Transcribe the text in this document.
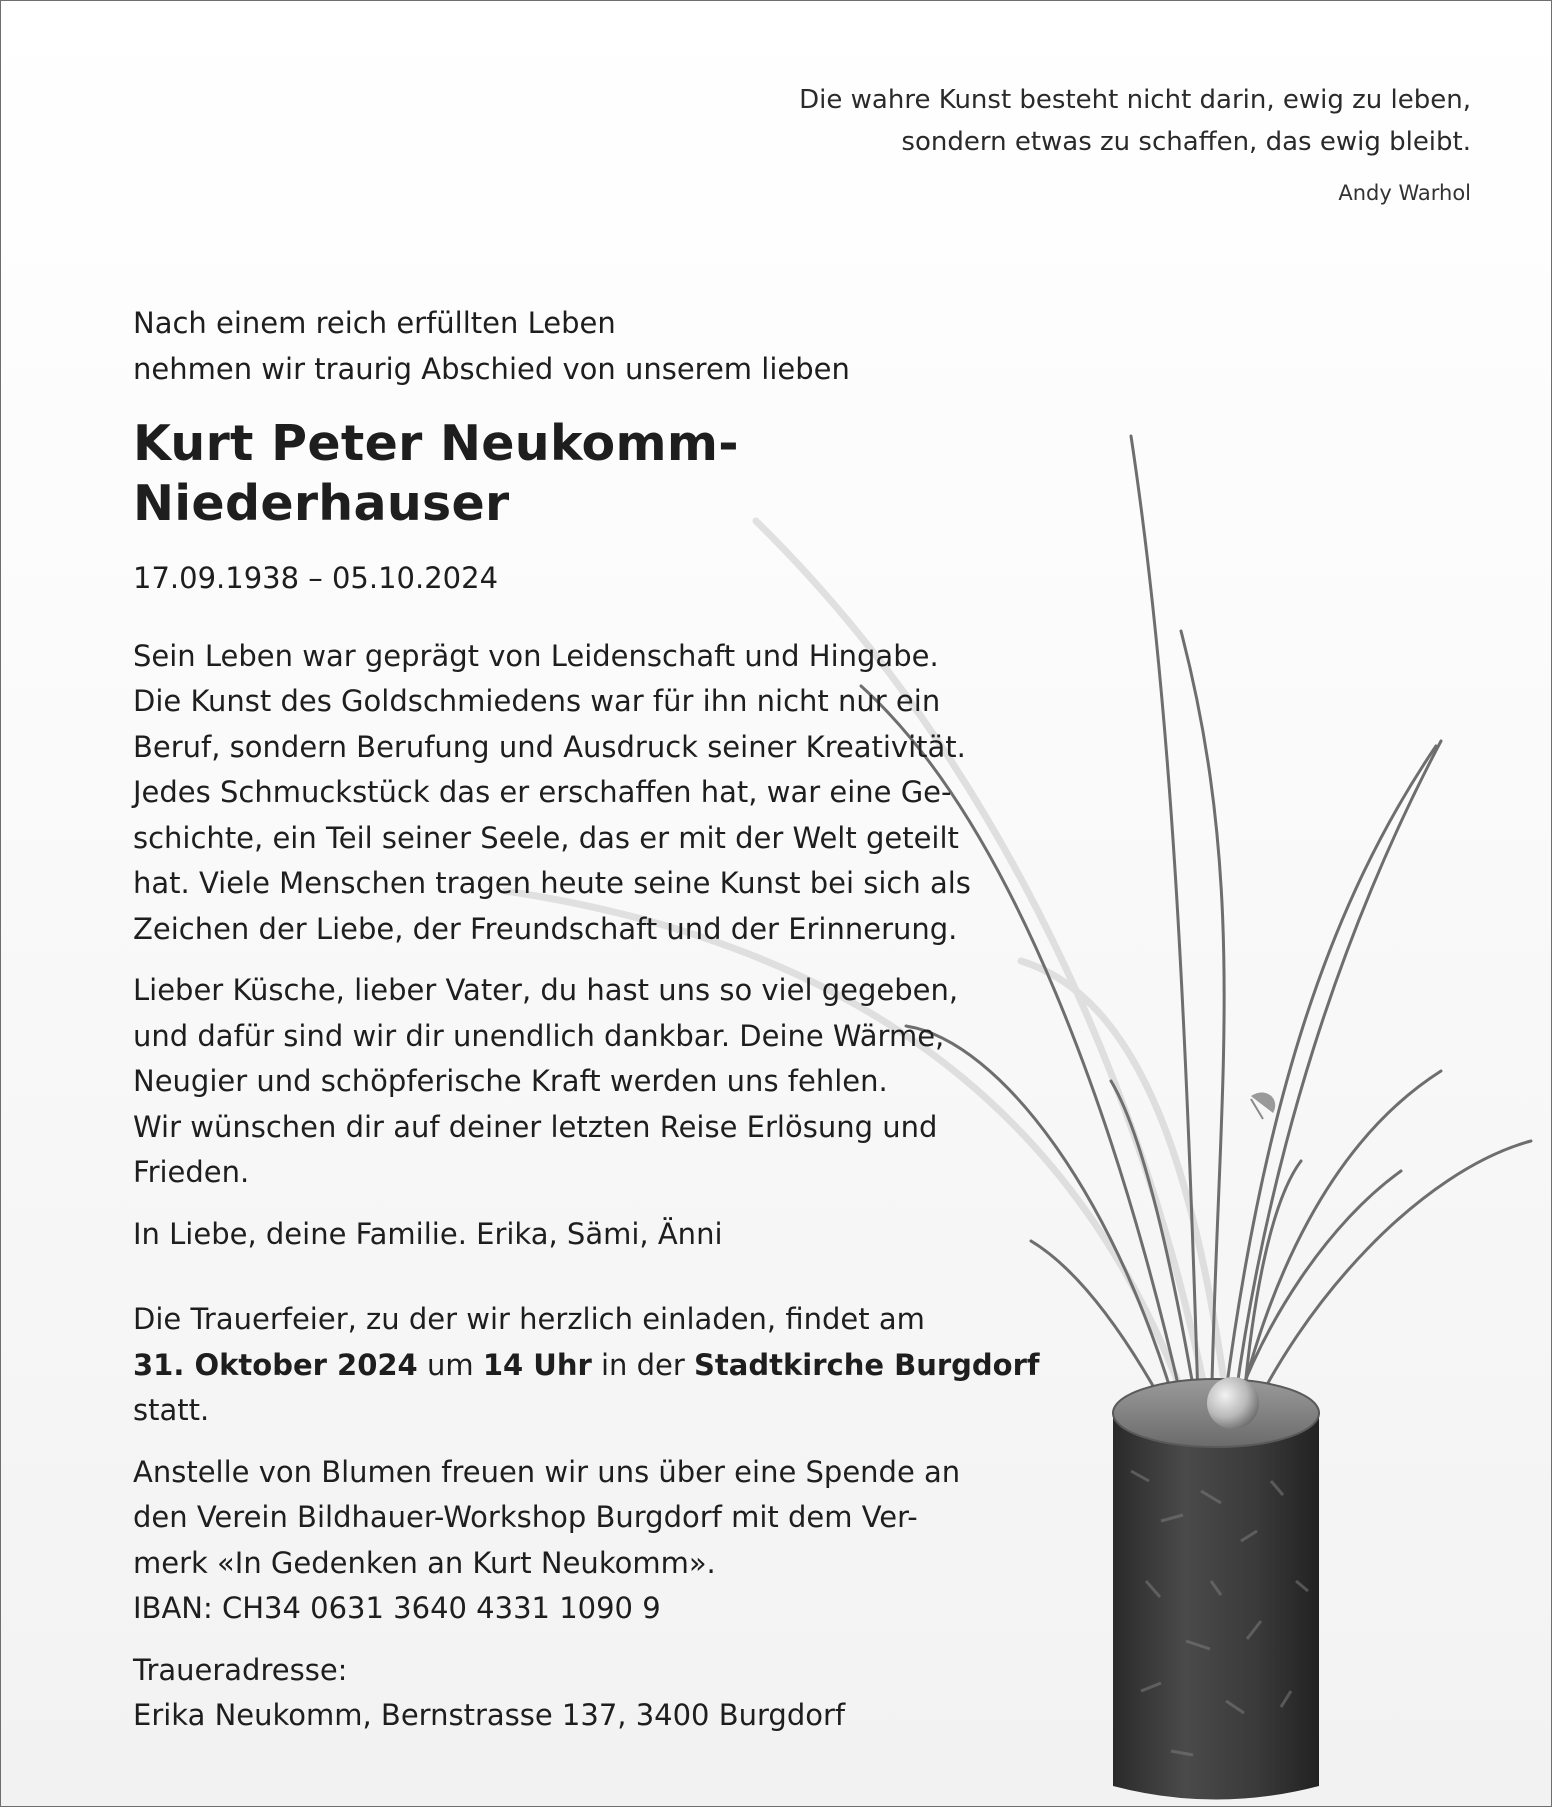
Die wahre Kunst besteht nicht darin, ewig zu leben,
sondern etwas zu schaffen, das ewig bleibt.
Andy Warhol

Nach einem reich erfüllten Leben
nehmen wir traurig Abschied von unserem lieben

Kurt Peter Neukomm-Niederhauser

17.09.1938 – 05.10.2024

Sein Leben war geprägt von Leidenschaft und Hingabe.
Die Kunst des Goldschmiedens war für ihn nicht nur ein
Beruf, sondern Berufung und Ausdruck seiner Kreativität.
Jedes Schmuckstück das er erschaffen hat, war eine Ge-
schichte, ein Teil seiner Seele, das er mit der Welt geteilt
hat. Viele Menschen tragen heute seine Kunst bei sich als
Zeichen der Liebe, der Freundschaft und der Erinnerung.

Lieber Küsche, lieber Vater, du hast uns so viel gegeben,
und dafür sind wir dir unendlich dankbar. Deine Wärme,
Neugier und schöpferische Kraft werden uns fehlen.
Wir wünschen dir auf deiner letzten Reise Erlösung und
Frieden.

In Liebe, deine Familie. Erika, Sämi, Änni

Die Trauerfeier, zu der wir herzlich einladen, findet am
31. Oktober 2024 um 14 Uhr in der Stadtkirche Burgdorf
statt.

Anstelle von Blumen freuen wir uns über eine Spende an
den Verein Bildhauer-Workshop Burgdorf mit dem Ver-
merk «In Gedenken an Kurt Neukomm».
IBAN: CH34 0631 3640 4331 1090 9

Traueradresse:
Erika Neukomm, Bernstrasse 137, 3400 Burgdorf
